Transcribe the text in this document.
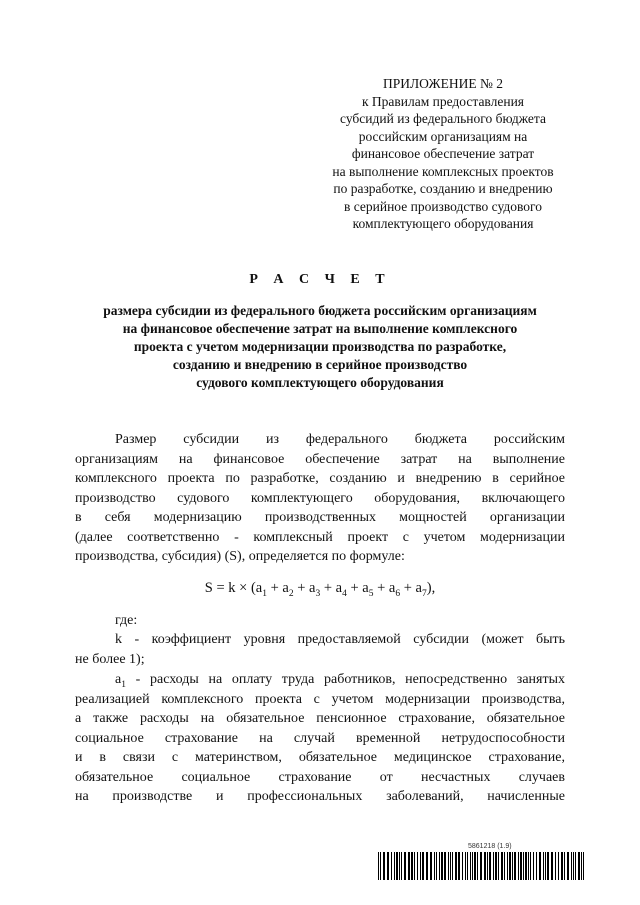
ПРИЛОЖЕНИЕ № 2
к Правилам предоставления
субсидий из федерального бюджета
российским организациям на
финансовое обеспечение затрат
на выполнение комплексных проектов
по разработке, созданию и внедрению
в серийное производство судового
комплектующего оборудования
Р А С Ч Е Т
размера субсидии из федерального бюджета российским организациям
на финансовое обеспечение затрат на выполнение комплексного
проекта с учетом модернизации производства по разработке,
созданию и внедрению в серийное производство
судового комплектующего оборудования
Размер субсидии из федерального бюджета российским
организациям на финансовое обеспечение затрат на выполнение
комплексного проекта по разработке, созданию и внедрению в серийное
производство судового комплектующего оборудования, включающего
в себя модернизацию производственных мощностей организации
(далее соответственно - комплексный проект с учетом модернизации
производства, субсидия) (S), определяется по формуле:
$S = k \times (a_1 + a_2 + a_3 + a_4 + a_5 + a_6 + a_7)$,
где:
k - коэффициент уровня предоставляемой субсидии (может быть
не более 1);
$a_1$ - расходы на оплату труда работников, непосредственно занятых
реализацией комплексного проекта с учетом модернизации производства,
а также расходы на обязательное пенсионное страхование, обязательное
социальное страхование на случай временной нетрудоспособности
и в связи с материнством, обязательное медицинское страхование,
обязательное социальное страхование от несчастных случаев
на производстве и профессиональных заболеваний, начисленные
5861218 (1.9)
